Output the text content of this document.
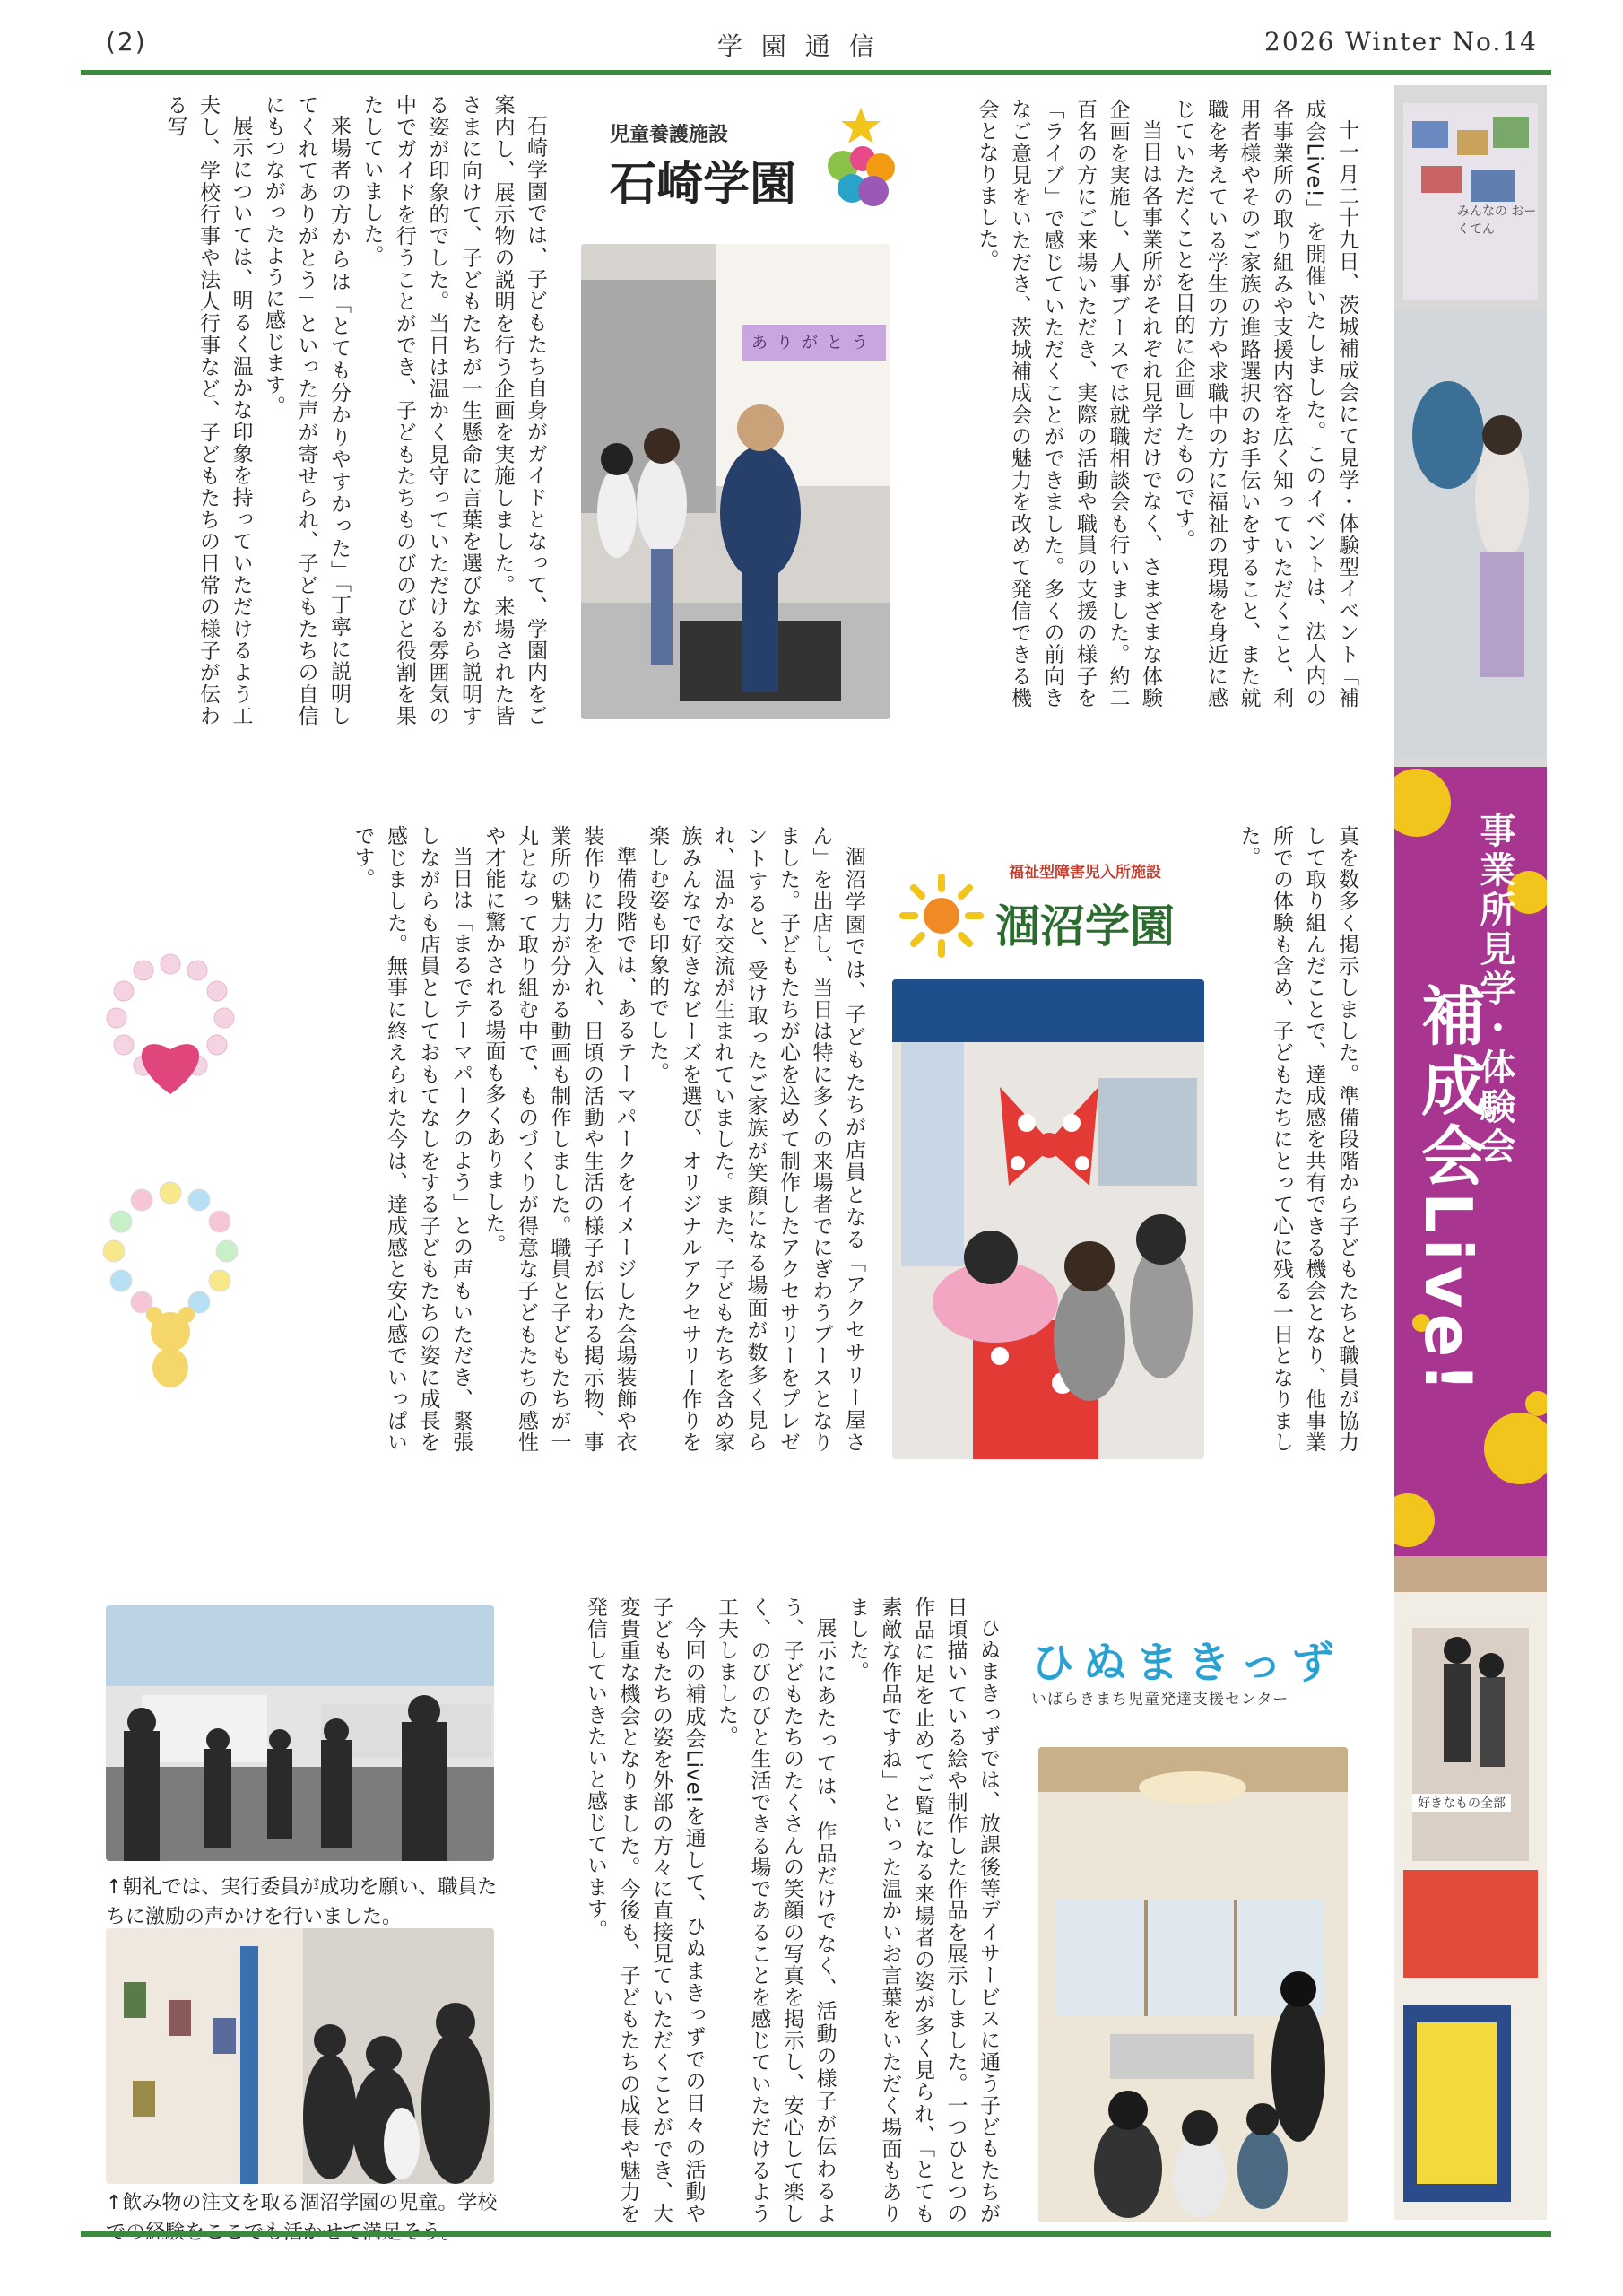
(2)	学 園 通 信	2026 Winter No.14
事業所見学・体験会
補成会Live!
好きなもの全部
みんなの おーくてん

十一月二十九日、茨城補成会にて見学・体験型イベント「補成会Live!」を開催いたしました。このイベントは、法人内の各事業所の取り組みや支援内容を広く知っていただくこと、利用者様やそのご家族の進路選択のお手伝いをすること、また就職を考えている学生の方や求職中の方に福祉の現場を身近に感じていただくことを目的に企画したものです。

当日は各事業所がそれぞれ見学だけでなく、さまざまな体験企画を実施し、人事ブースでは就職相談会も行いました。約二百名の方にご来場いただき、実際の活動や職員の支援の様子を「ライブ」で感じていただくことができました。多くの前向きなご意見をいただき、茨城補成会の魅力を改めて発信できる機会となりました。

真を数多く掲示しました。準備段階から子どもたちと職員が協力して取り組んだことで、達成感を共有できる機会となり、他事業所での体験も含め、子どもたちにとって心に残る一日となりました。
児童養護施設
石崎学園
ありがとう

石崎学園では、子どもたち自身がガイドとなって、学園内をご案内し、展示物の説明を行う企画を実施しました。来場された皆さまに向けて、子どもたちが一生懸命に言葉を選びながら説明する姿が印象的でした。当日は温かく見守っていただける雰囲気の中でガイドを行うことができ、子どもたちものびのびと役割を果たしていました。

来場者の方からは「とても分かりやすかった」「丁寧に説明してくれてありがとう」といった声が寄せられ、子どもたちの自信にもつながったように感じます。

展示については、明るく温かな印象を持っていただけるよう工夫し、学校行事や法人行事など、子どもたちの日常の様子が伝わる写

福祉型障害児入所施設
涸沼学園

涸沼学園では、子どもたちが店員となる「アクセサリー屋さん」を出店し、当日は特に多くの来場者でにぎわうブースとなりました。子どもたちが心を込めて制作したアクセサリーをプレゼントすると、受け取ったご家族が笑顔になる場面が数多く見られ、温かな交流が生まれていました。また、子どもたちを含め家族みんなで好きなビーズを選び、オリジナルアクセサリー作りを楽しむ姿も印象的でした。

準備段階では、あるテーマパークをイメージした会場装飾や衣装作りに力を入れ、日頃の活動や生活の様子が伝わる掲示物、事業所の魅力が分かる動画も制作しました。職員と子どもたちが一丸となって取り組む中で、ものづくりが得意な子どもたちの感性や才能に驚かされる場面も多くありました。

当日は「まるでテーマパークのよう」との声もいただき、緊張しながらも店員としておもてなしをする子どもたちの姿に成長を感じました。無事に終えられた今は、達成感と安心感でいっぱいです。

ひぬまきっず
いばらきまち児童発達支援センター

ひぬまきっずでは、放課後等デイサービスに通う子どもたちが日頃描いている絵や制作した作品を展示しました。一つひとつの作品に足を止めてご覧になる来場者の姿が多く見られ、「とても素敵な作品ですね」といった温かいお言葉をいただく場面もありました。

展示にあたっては、作品だけでなく、活動の様子が伝わるよう、子どもたちのたくさんの笑顔の写真を掲示し、安心して楽しく、のびのびと生活できる場であることを感じていただけるよう工夫しました。

今回の補成会Live!を通して、ひぬまきっずでの日々の活動や子どもたちの姿を外部の方々に直接見ていただくことができ、大変貴重な機会となりました。今後も、子どもたちの成長や魅力を発信していきたいと感じています。

↑朝礼では、実行委員が成功を願い、職員たちに激励の声かけを行いました。
↑飲み物の注文を取る涸沼学園の児童。学校
